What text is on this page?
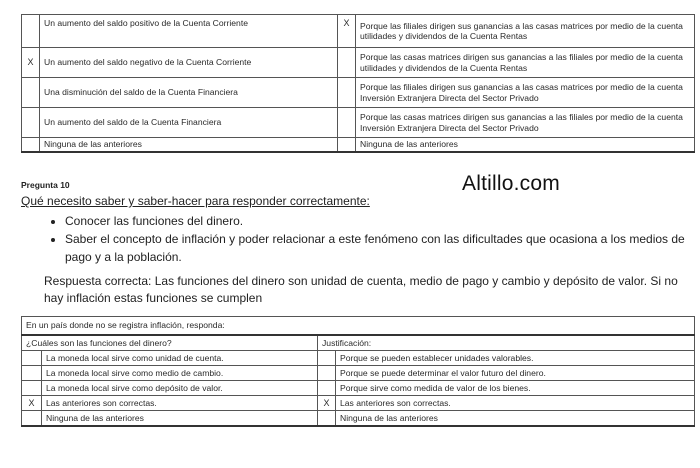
	Un aumento del saldo positivo de la Cuenta Corriente	X	Porque las filiales dirigen sus ganancias a las casas matrices por medio de la cuenta utilidades y dividendos de la Cuenta Rentas
X	Un aumento del saldo negativo de la Cuenta Corriente		Porque las casas matrices dirigen sus ganancias a las filiales por medio de la cuenta utilidades y dividendos de la Cuenta Rentas
	Una disminución del saldo de la Cuenta Financiera		Porque las filiales dirigen sus ganancias a las casas matrices por medio de la cuenta Inversión Extranjera Directa del Sector Privado
	Un aumento del saldo de la Cuenta Financiera		Porque las casas matrices dirigen sus ganancias a las filiales por medio de la cuenta Inversión Extranjera Directa del Sector Privado
	Ninguna de las anteriores		Ninguna de las anteriores
Pregunta 10	Altillo.com
Qué necesito saber y saber-hacer para responder correctamente:
• Conocer las funciones del dinero.
• Saber el concepto de inflación y poder relacionar a este fenómeno con las dificultades que ocasiona a los medios de pago y a la población.
Respuesta correcta: Las funciones del dinero son unidad de cuenta, medio de pago y cambio y depósito de valor. Si no hay inflación estas funciones se cumplen
En un país donde no se registra inflación, responda:			
¿Cuáles son las funciones del dinero?		Justificación:	
	La moneda local sirve como unidad de cuenta.		Porque se pueden establecer unidades valorables.
	La moneda local sirve como medio de cambio.		Porque se puede determinar el valor futuro del dinero.
	La moneda local sirve como depósito de valor.		Porque sirve como medida de valor de los bienes.
X	Las anteriores son correctas.	X	Las anteriores son correctas.
	Ninguna de las anteriores		Ninguna de las anteriores
